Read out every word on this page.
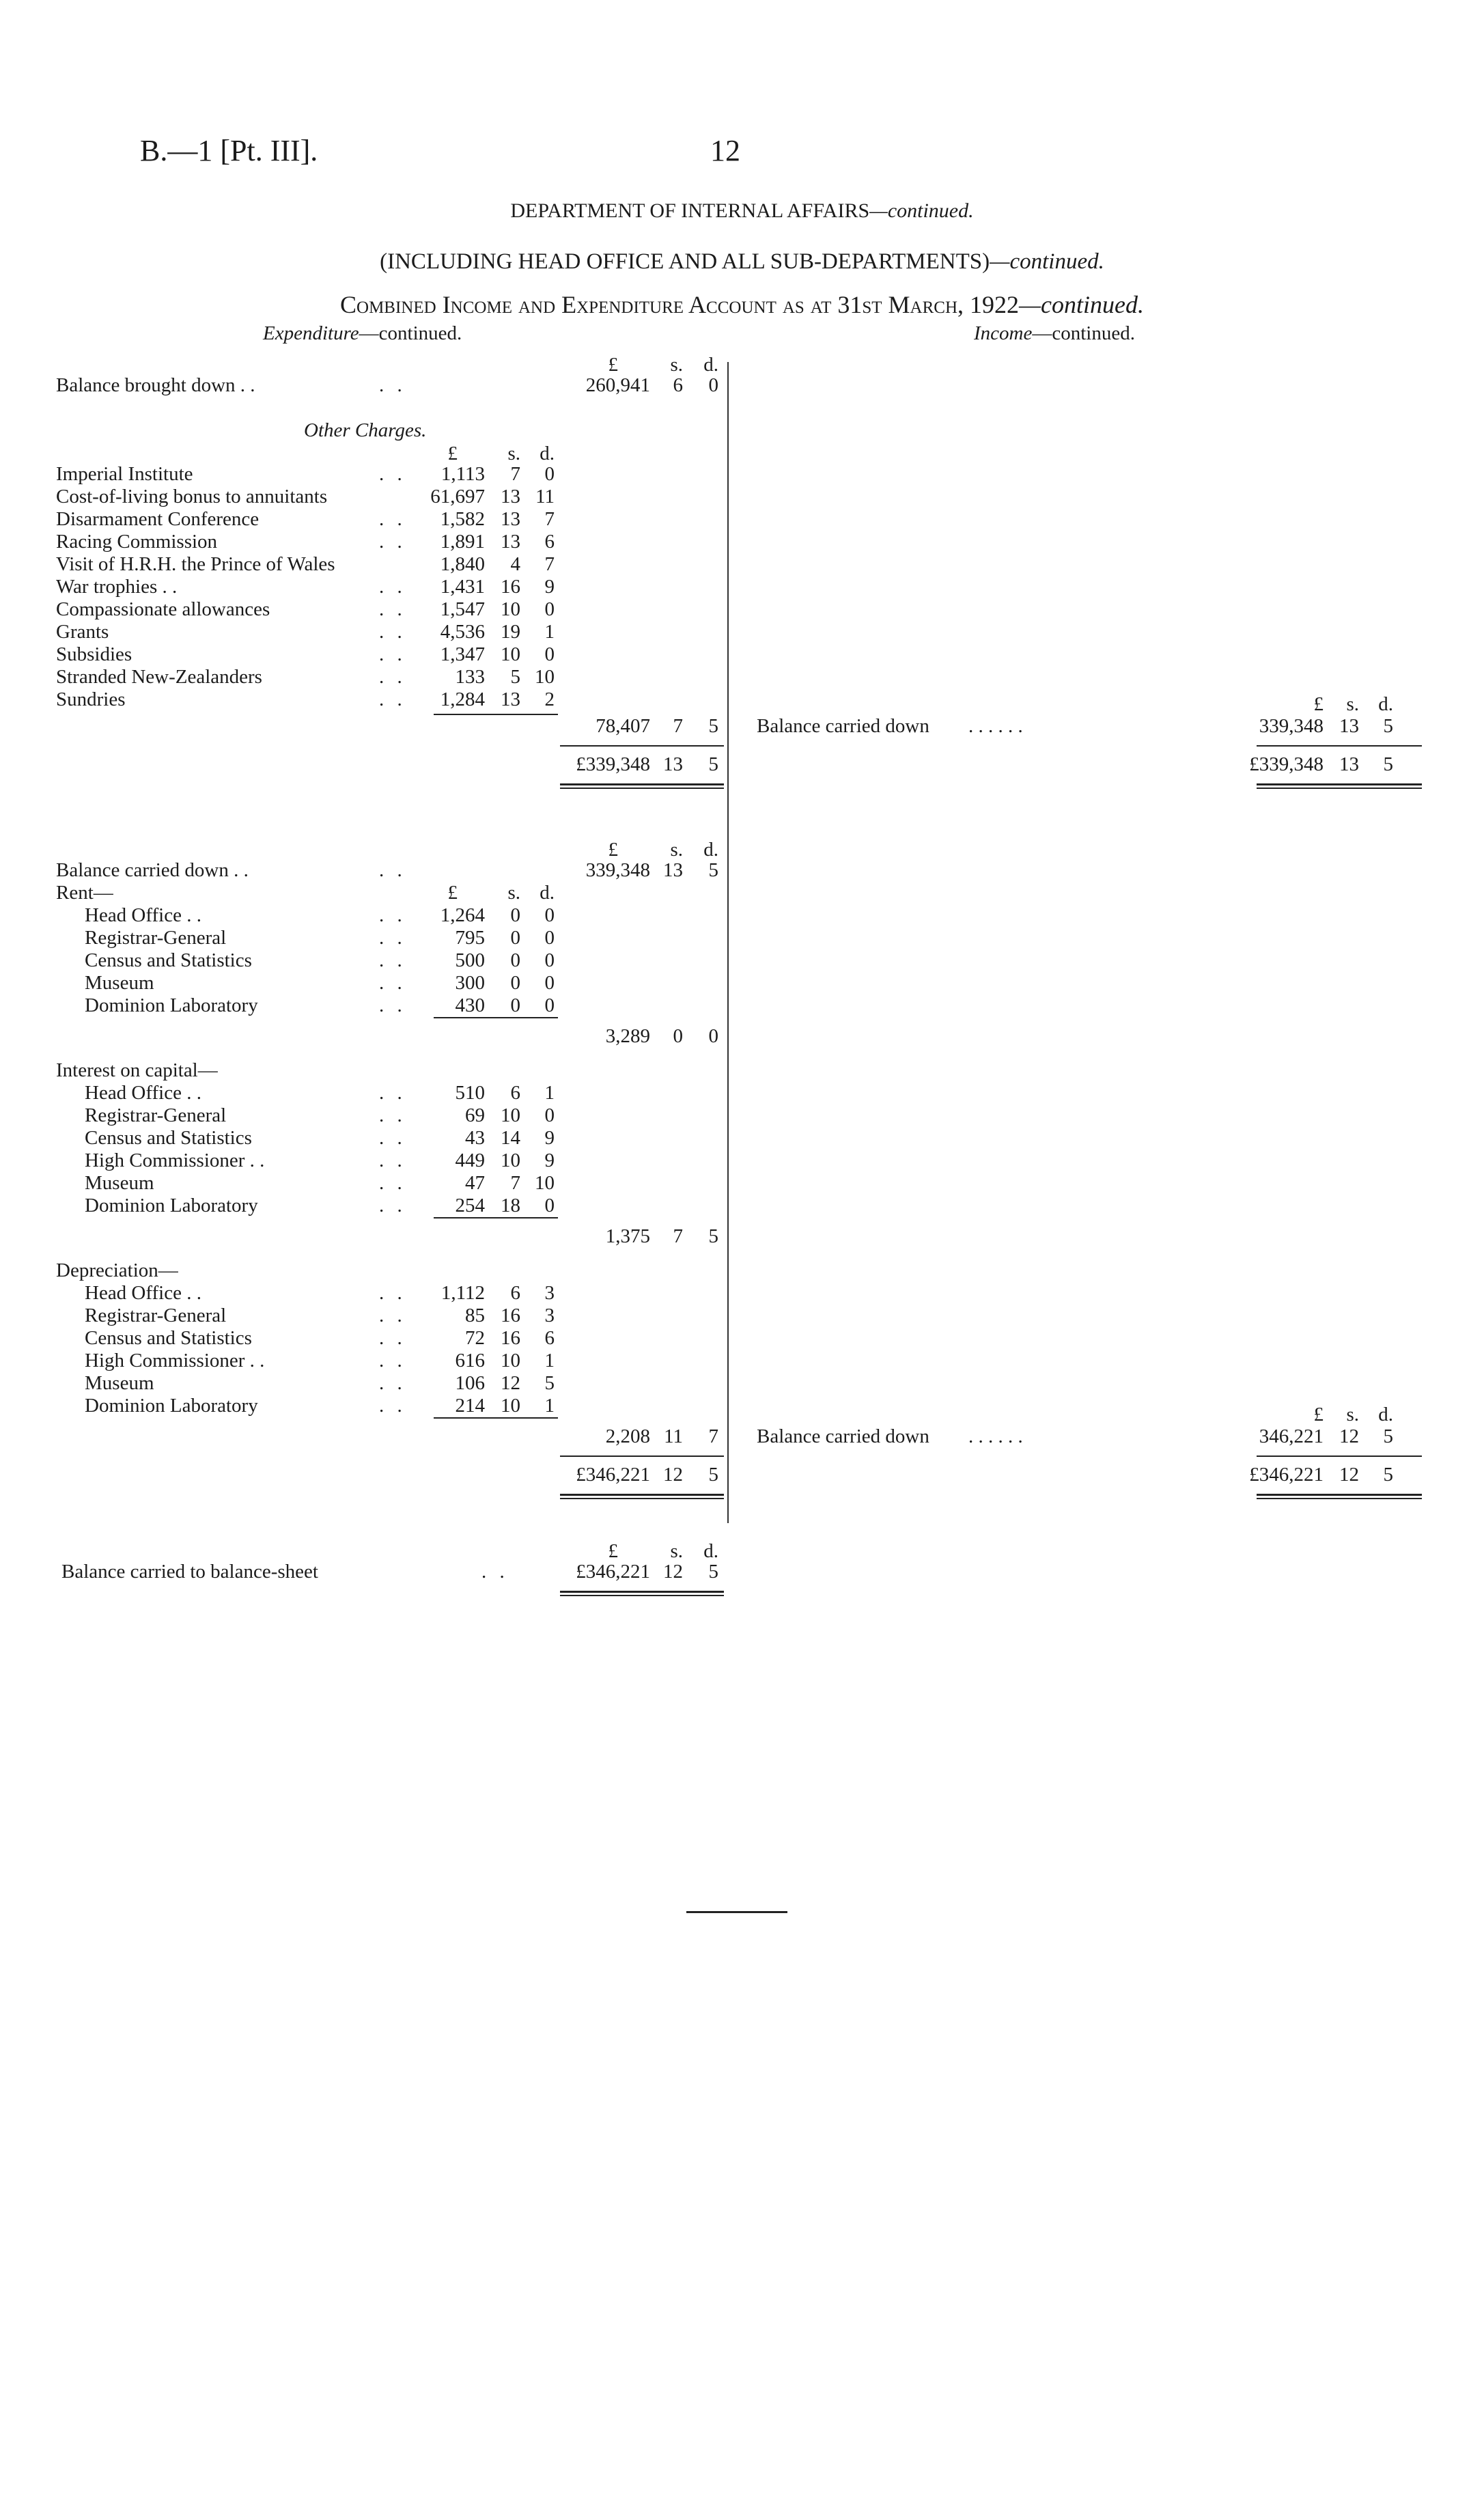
B.—1 [Pt. III].	12
DEPARTMENT OF INTERNAL AFFAIRS—continued.
(INCLUDING HEAD OFFICE AND ALL SUB-DEPARTMENTS)—continued.
Combined Income and Expenditure Account as at 31st March, 1922—continued.
Expenditure—continued.	Income—continued.
£	s. d.
Balance brought down . .	. .	260,941 6 0
Other Charges.
£	s. d.
Imperial Institute	. . 1,113 7 0
Cost-of-living bonus to annuitants	61,697 13 11
Disarmament Conference	. . 1,582 13 7
Racing Commission	. . 1,891 13 6
Visit of H.R.H. the Prince of Wales	1,840 4 7
War trophies . .	. . 1,431 16 9
Compassionate allowances	. . 1,547 10 0
Grants	. . 4,536 19 1
Subsidies	. . 1,347 10 0
Stranded New-Zealanders	. . 133 5 10
Sundries	. . 1,284 13 2
78,407 7 5
£339,348 13 5
£ s. d.
Balance carried down . . . . . .	339,348 13 5
£339,348 13 5
£	s. d.
Balance carried down . .	. .	339,348 13 5
Rent—	£	s. d.
Head Office . .	. . 1,264 0 0
Registrar-General	. . 795 0 0
Census and Statistics	. . 500 0 0
Museum	. . 300 0 0
Dominion Laboratory	. . 430 0 0
3,289 0 0
Interest on capital—
Head Office . .	. . 510 6 1
Registrar-General	. .	69 10 0
Census and Statistics	. .	43 14 9
High Commissioner . .	. . 449 10 9
Museum	. .	47 7 10
Dominion Laboratory	. . 254 18 0
1,375 7 5
Depreciation—
Head Office . .	. . 1,112 6 3
Registrar-General	. .	85 16 3
Census and Statistics	. .	72 16 6
High Commissioner . .	. . 616 10 1
Museum	. . 106 12 5
Dominion Laboratory	. . 214 10 1
2,208 11 7
£346,221 12 5
£ s. d.
Balance carried down . . . . . .	346,221 12 5
£346,221 12 5
£	s. d.
Balance carried to balance-sheet	. .	£346,221 12 5
